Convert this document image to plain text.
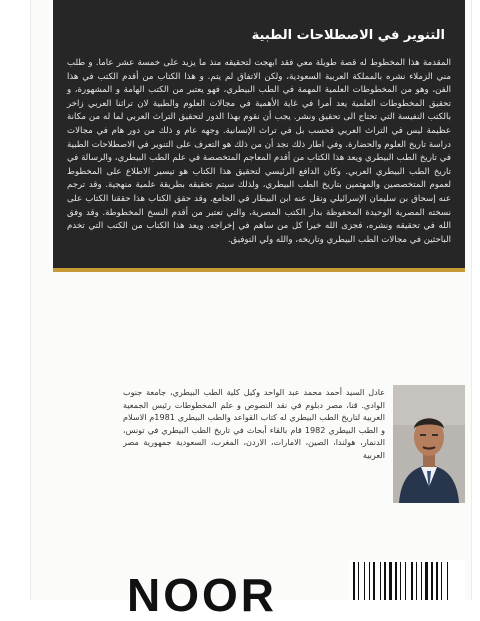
التنوير في الاصطلاحات الطبية

المقدمة هذا المخطوط له قصة طويلة معي فقد ابهجت لتحقيقه منذ ما يزيد على خمسة عشر عاما. و طلب مني الزملاء نشره بالمملكة العربية السعودية، ولكن الاتفاق لم يتم. و هذا الكتاب من أقدم الكتب في هذا الفن، وهو من المخطوطات العلمية المهمة في الطب البيطري، فهو يعتبر من الكتب الهامة و المشهورة، و تحقيق المخطوطات العلمية يعد أمرا في غاية الأهمية في مجالات العلوم والطبية لان تراثنا العربي زاخر بالكتب النفيسة التي تحتاج الى تحقيق ونشر. يجب أن نقوم بهذا الدور لتحقيق التراث العربي لما له من مكانة عظيمة ليس في التراث العربي فحسب بل في تراث الإنسانية. وجهه عام و ذلك من دور هام في مجالات دراسة تاريخ العلوم والحضارة. وفي اطار ذلك نجد أن من ذلك هو التعرف على التنوير في الاصطلاحات الطبية في تاريخ الطب البيطري ويعد هذا الكتاب من أقدم المعاجم المتخصصة في علم الطب البيطري، والرسالة في تاريخ الطب البيطري العربي. وكان الدافع الرئيسي لتحقيق هذا الكتاب هو تيسير الاطلاع على المخطوط لعموم المتخصصين والمهتمين بتاريخ الطب البيطري، ولذلك سيتم تحقيقه بطريقة علمية منهجية. وقد ترجم عنه إسحاق بن سليمان الإسرائيلي ونقل عنه ابن البيطار في الجامع. وقد حقق الكتاب هذا حققنا الكتاب على نسخته المصرية الوحيدة المحفوظة بدار الكتب المصرية، والتي تعتبر من أقدم النسخ المخطوطة. وقد وفق الله في تحقيقه ونشره، فجزى الله خيرا كل من ساهم في إخراجه. ويعد هذا الكتاب من الكتب التي تخدم الباحثين في مجالات الطب البيطري وتاريخه، والله ولي التوفيق.

عادل السيد أحمد محمد عبد الواحد وكيل كلية الطب البيطري، جامعة جنوب الوادي. قنا، مصر دبلوم في نقد النصوص و علم المخطوطات رئيس الجمعية العربية لتاريخ الطب البيطري له كتاب القواعد والطب البيطري 1981م الاسلام و الطب البيطري 1982 قام بالقاء أبحاث في تاريخ الطب البيطري في تونس، الدنمار، هولندا، الصين، الامارات، الاردن، المغرب، السعودية جمهورية مصر العربية

NOOR
